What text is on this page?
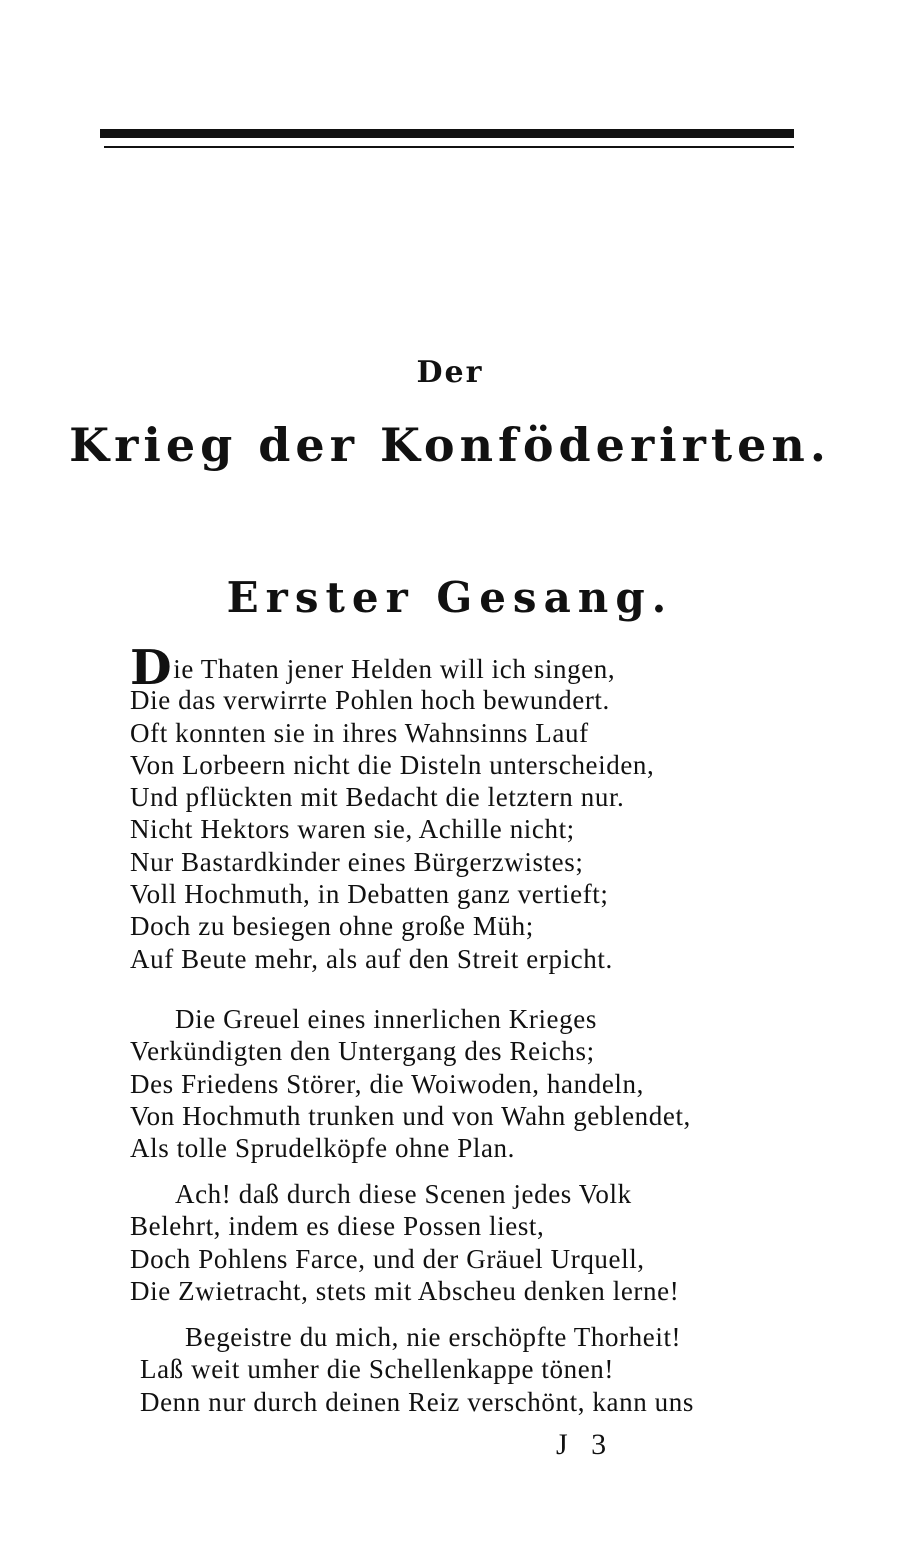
Der
Krieg der Konföderirten.
Erster Gesang.
Die Thaten jener Helden will ich singen,
Die das verwirrte Pohlen hoch bewundert.
Oft konnten sie in ihres Wahnsinns Lauf
Von Lorbeern nicht die Disteln unterscheiden,
Und pflückten mit Bedacht die letztern nur.
Nicht Hektors waren sie, Achille nicht;
Nur Bastardkinder eines Bürgerzwistes;
Voll Hochmuth, in Debatten ganz vertieft;
Doch zu besiegen ohne große Müh;
Auf Beute mehr, als auf den Streit erpicht.
Die Greuel eines innerlichen Krieges
Verkündigten den Untergang des Reichs;
Des Friedens Störer, die Woiwoden, handeln,
Von Hochmuth trunken und von Wahn geblendet,
Als tolle Sprudelköpfe ohne Plan.
Ach! daß durch diese Scenen jedes Volk
Belehrt, indem es diese Possen liest,
Doch Pohlens Farce, und der Gräuel Urquell,
Die Zwietracht, stets mit Abscheu denken lerne!
Begeistre du mich, nie erschöpfte Thorheit!
Laß weit umher die Schellenkappe tönen!
Denn nur durch deinen Reiz verschönt, kann uns
J 3
